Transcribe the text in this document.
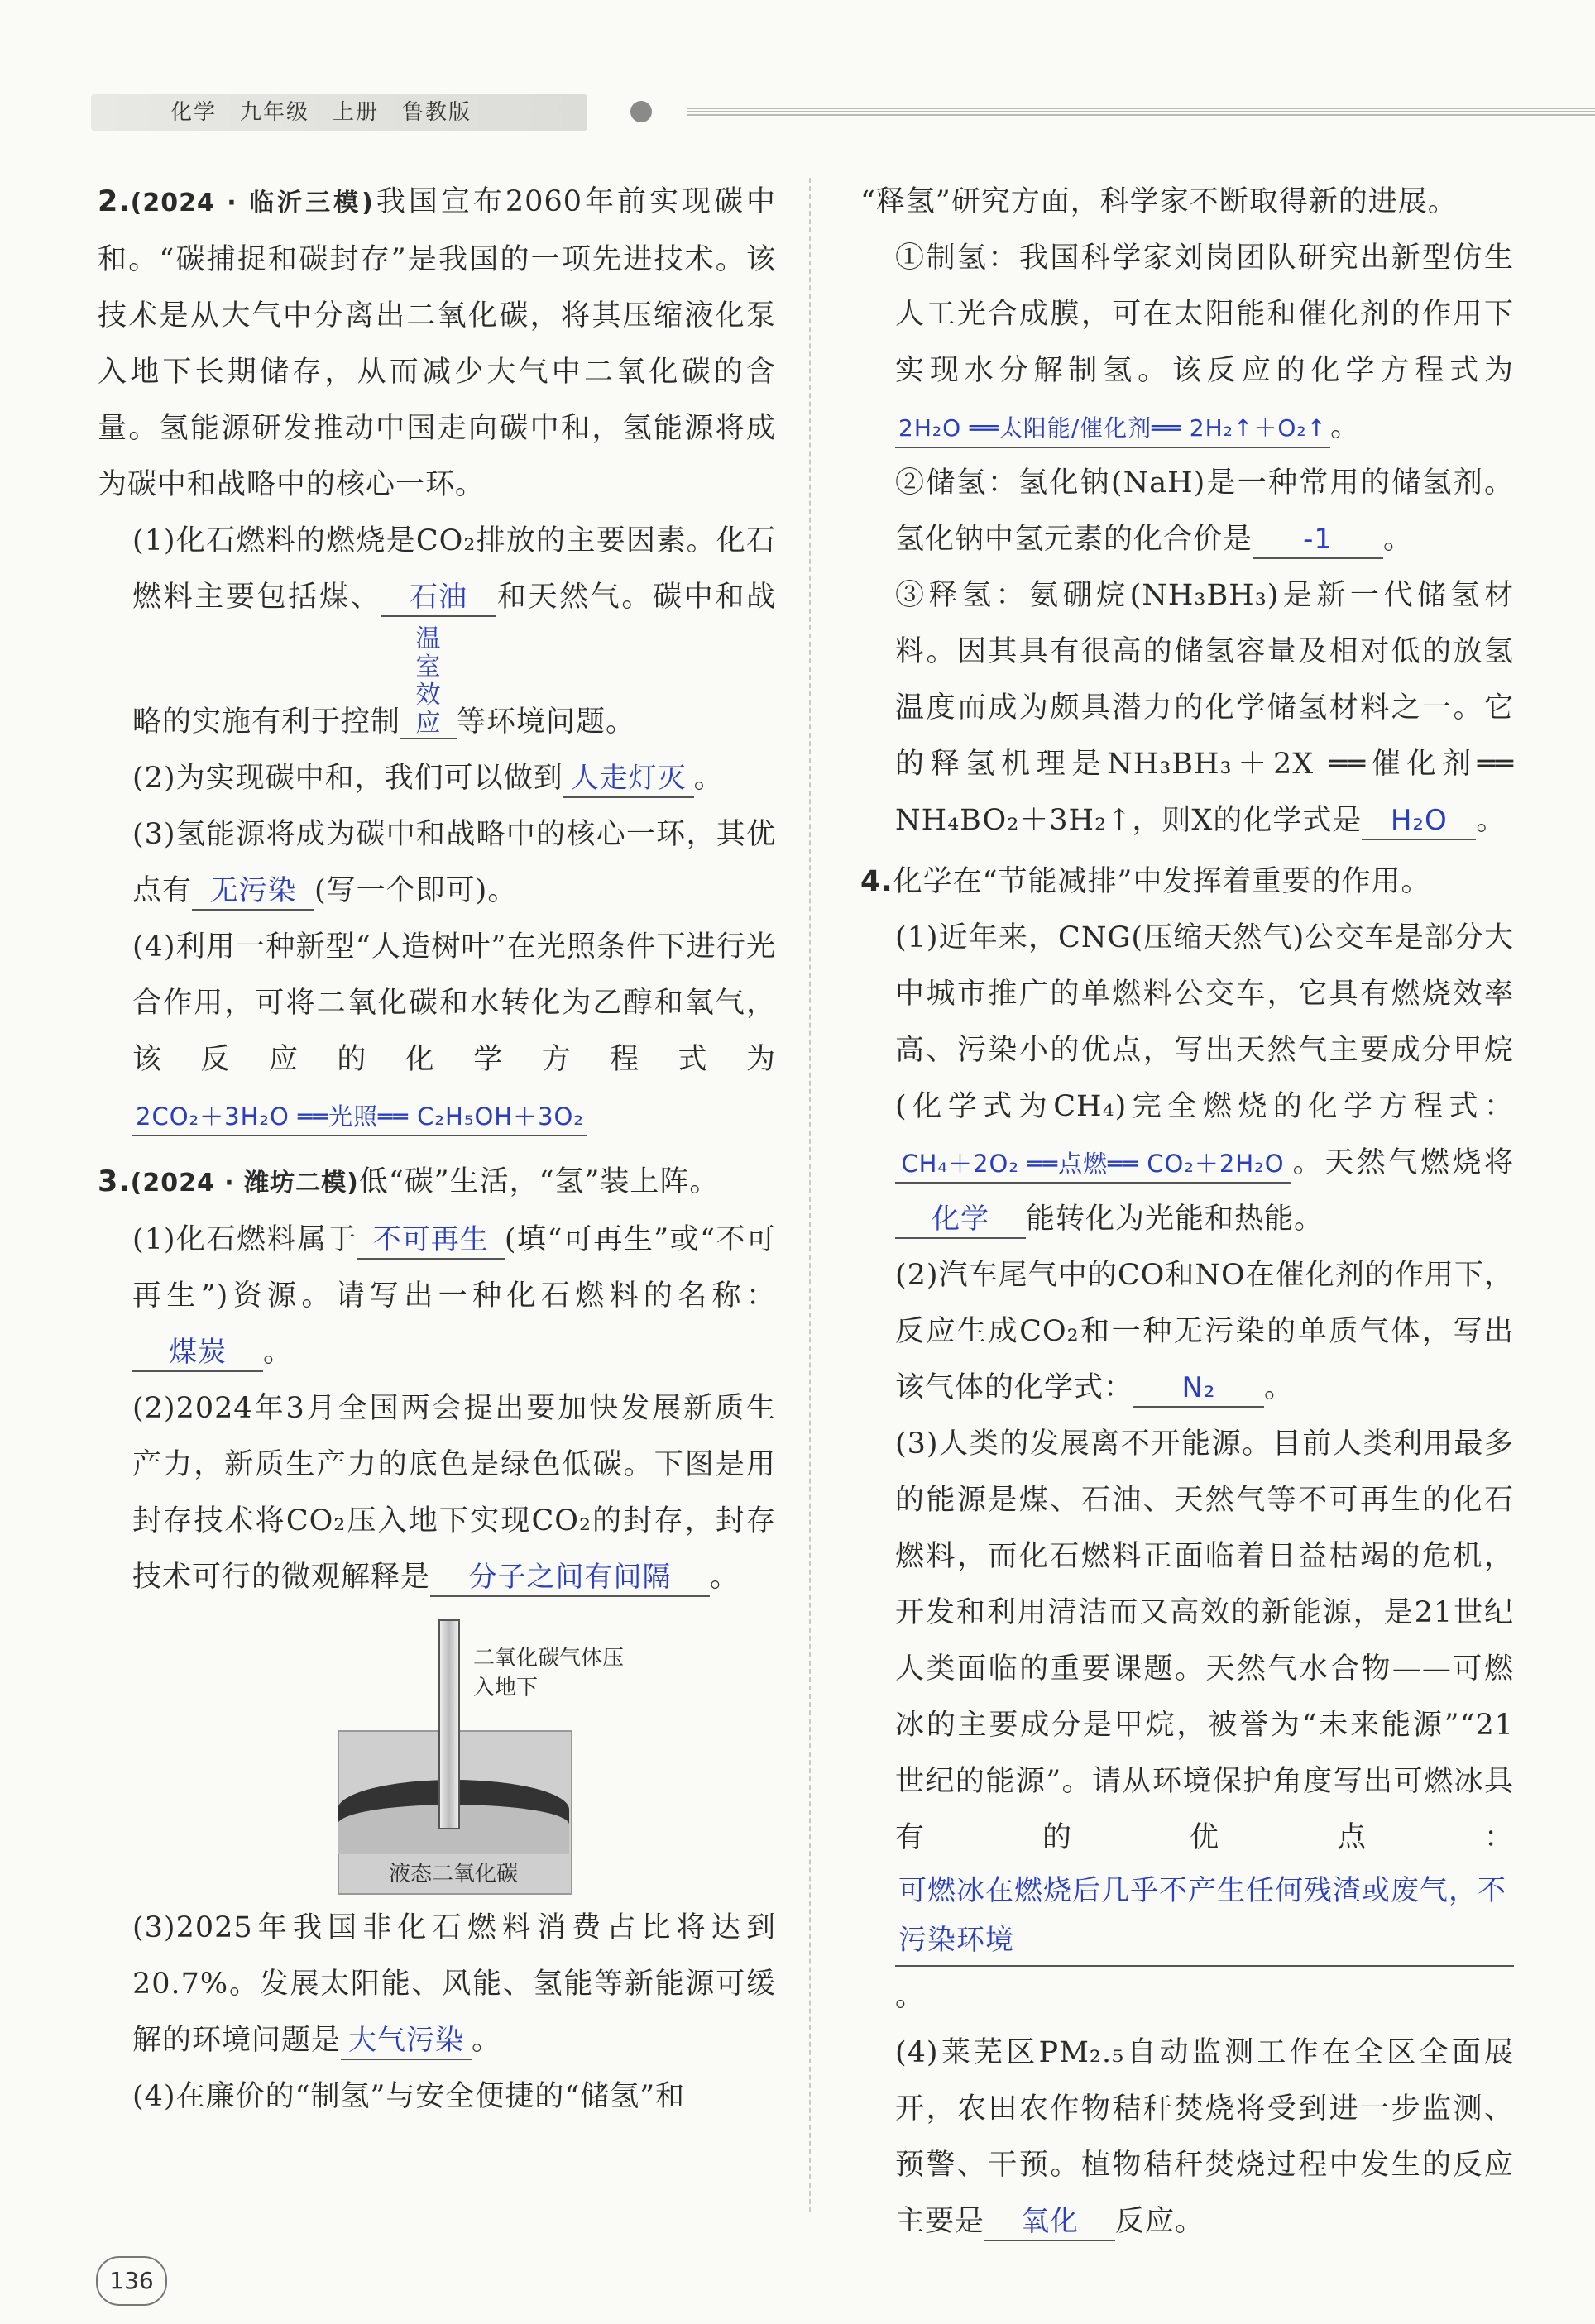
化学　九年级　上册　鲁教版

2.(2024 · 临沂三模)我国宣布2060年前实现碳中和。“碳捕捉和碳封存”是我国的一项先进技术。该技术是从大气中分离出二氧化碳，将其压缩液化泵入地下长期储存，从而减少大气中二氧化碳的含量。氢能源研发推动中国走向碳中和，氢能源将成为碳中和战略中的核心一环。

(1)化石燃料的燃烧是CO₂排放的主要因素。化石燃料主要包括煤、 石油 和天然气。碳中和战略的实施有利于控制温室效应 等环境问题。

(2)为实现碳中和，我们可以做到 人走灯灭 。

(3)氢能源将成为碳中和战略中的核心一环，其优点有 无污染 (写一个即可)。

(4)利用一种新型“人造树叶”在光照条件下进行光合作用，可将二氧化碳和水转化为乙醇和氧气，该反应的化学方程式为2CO₂＋3H₂O ══光照══ C₂H₅OH＋3O₂

3.(2024 · 潍坊二模)低“碳”生活，“氢”装上阵。

(1)化石燃料属于 不可再生 (填“可再生”或“不可再生”)资源。请写出一种化石燃料的名称：煤炭 。

(2)2024年3月全国两会提出要加快发展新质生产力，新质生产力的底色是绿色低碳。下图是用封存技术将CO₂压入地下实现CO₂的封存，封存技术可行的微观解释是 分子之间有间隔 。

二氧化碳气体压入地下
液态二氧化碳

(3)2025年我国非化石燃料消费占比将达到20.7%。发展太阳能、风能、氢能等新能源可缓解的环境问题是 大气污染 。

(4)在廉价的“制氢”与安全便捷的“储氢”和

“释氢”研究方面，科学家不断取得新的进展。

①制氢：我国科学家刘岗团队研究出新型仿生人工光合成膜，可在太阳能和催化剂的作用下实现水分解制氢。该反应的化学方程式为2H₂O ══太阳能/催化剂══ 2H₂↑＋O₂↑ 。

②储氢：氢化钠(NaH)是一种常用的储氢剂。氢化钠中氢元素的化合价是 -1 。

③释氢：氨硼烷(NH₃BH₃)是新一代储氢材料。因其具有很高的储氢容量及相对低的放氢温度而成为颇具潜力的化学储氢材料之一。它的释氢机理是NH₃BH₃＋2X ══催化剂══ NH₄BO₂＋3H₂↑，则X的化学式是 H₂O 。

4.化学在“节能减排”中发挥着重要的作用。

(1)近年来，CNG(压缩天然气)公交车是部分大中城市推广的单燃料公交车，它具有燃烧效率高、污染小的优点，写出天然气主要成分甲烷(化学式为CH₄)完全燃烧的化学方程式：CH₄＋2O₂ ══点燃══ CO₂＋2H₂O 。天然气燃烧将化学 能转化为光能和热能。

(2)汽车尾气中的CO和NO在催化剂的作用下，反应生成CO₂和一种无污染的单质气体，写出该气体的化学式： N₂ 。

(3)人类的发展离不开能源。目前人类利用最多的能源是煤、石油、天然气等不可再生的化石燃料，而化石燃料正面临着日益枯竭的危机，开发和利用清洁而又高效的新能源，是21世纪人类面临的重要课题。天然气水合物——可燃冰的主要成分是甲烷，被誉为“未来能源”“21世纪的能源”。请从环境保护角度写出可燃冰具有的优点：可燃冰在燃烧后几乎不产生任何残渣或废气，不污染环境。

(4)莱芜区PM₂.₅自动监测工作在全区全面展开，农田农作物秸秆焚烧将受到进一步监测、预警、干预。植物秸秆焚烧过程中发生的反应主要是 氧化 反应。

136
